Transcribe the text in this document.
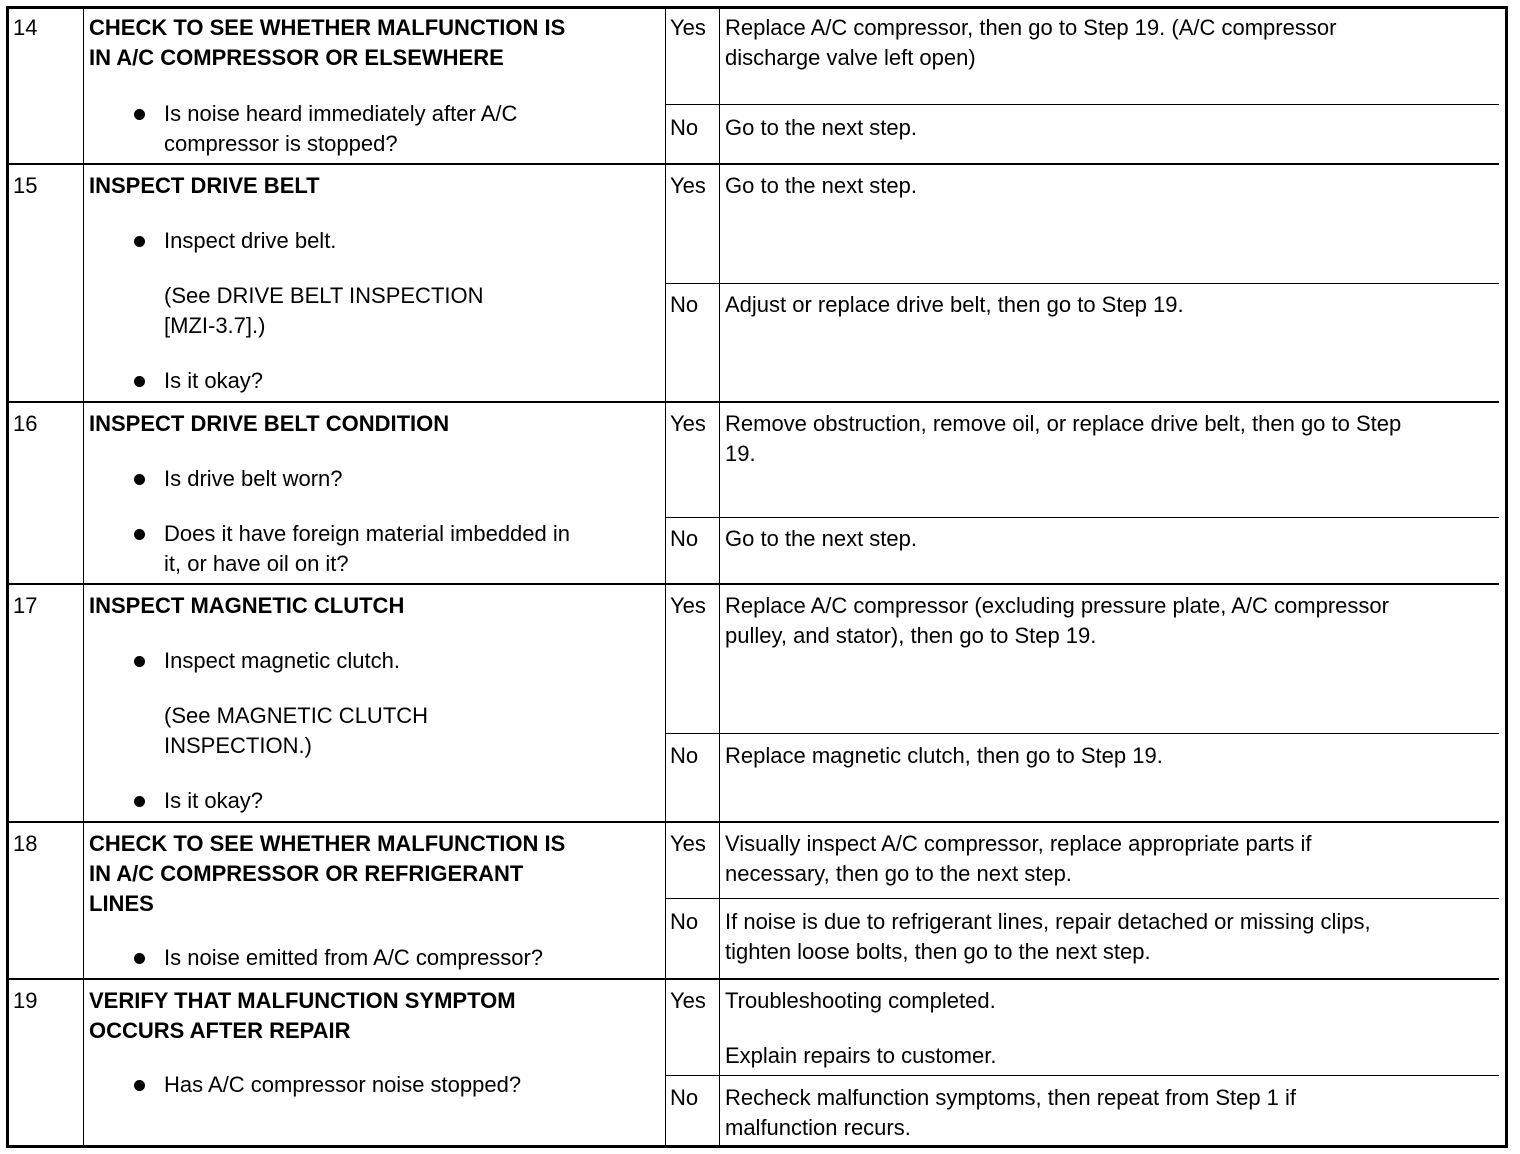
14 CHECK TO SEE WHETHER MALFUNCTION IS
IN A/C COMPRESSOR OR ELSEWHERE
Is noise heard immediately after A/C
compressor is stopped?
Yes
No
Replace A/C compressor, then go to Step 19. (A/C compressor
discharge valve left open)
Go to the next step.
15 INSPECT DRIVE BELT
Inspect drive belt.
(See DRIVE BELT INSPECTION
[MZI-3.7].)
Is it okay?
Yes
No
Go to the next step.
Adjust or replace drive belt, then go to Step 19.
16 INSPECT DRIVE BELT CONDITION
Is drive belt worn?
Does it have foreign material imbedded in
it, or have oil on it?
Yes
No
Remove obstruction, remove oil, or replace drive belt, then go to Step
19.
Go to the next step.
17 INSPECT MAGNETIC CLUTCH
Inspect magnetic clutch.
(See MAGNETIC CLUTCH
INSPECTION.)
Is it okay?
Yes
No
Replace A/C compressor (excluding pressure plate, A/C compressor
pulley, and stator), then go to Step 19.
Replace magnetic clutch, then go to Step 19.
18 CHECK TO SEE WHETHER MALFUNCTION IS
IN A/C COMPRESSOR OR REFRIGERANT
LINES
Is noise emitted from A/C compressor?
Yes
No
Visually inspect A/C compressor, replace appropriate parts if
necessary, then go to the next step.
If noise is due to refrigerant lines, repair detached or missing clips,
tighten loose bolts, then go to the next step.
19 VERIFY THAT MALFUNCTION SYMPTOM
OCCURS AFTER REPAIR
Has A/C compressor noise stopped?
Yes
No
Troubleshooting completed.
Explain repairs to customer.
Recheck malfunction symptoms, then repeat from Step 1 if
malfunction recurs.
